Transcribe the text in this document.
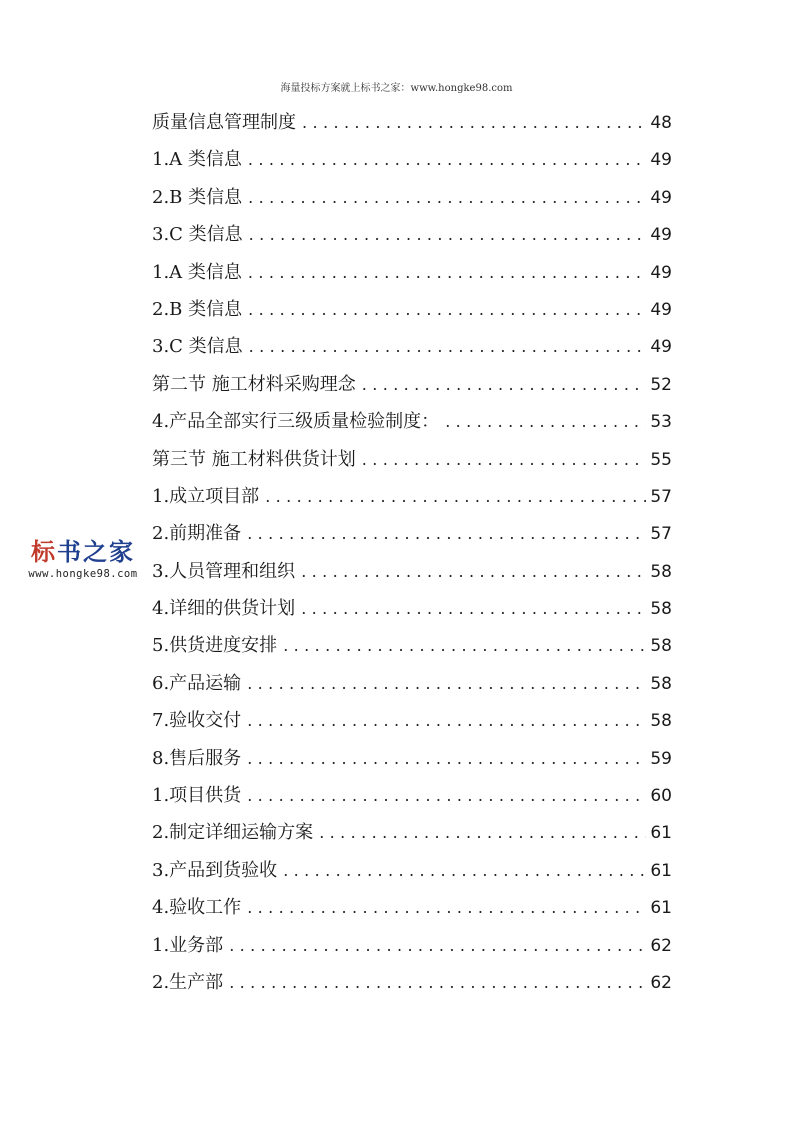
海量投标方案就上标书之家：www.hongke98.com
质量信息管理制度 .....	48
1.A 类信息 .....	49
2.B 类信息 .....	49
3.C 类信息 .....	49
1.A 类信息 .....	49
2.B 类信息 .....	49
3.C 类信息 .....	49
第二节 施工材料采购理念 .....	52
4.产品全部实行三级质量检验制度： .....	53
第三节 施工材料供货计划 .....	55
1.成立项目部 .....	57
2.前期准备 .....	57
3.人员管理和组织 .....	58
4.详细的供货计划 .....	58
5.供货进度安排 .....	58
6.产品运输 .....	58
7.验收交付 .....	58
8.售后服务 .....	59
1.项目供货 .....	60
2.制定详细运输方案 .....	61
3.产品到货验收 .....	61
4.验收工作 .....	61
1.业务部 .....	62
2.生产部 .....	62
标书之家
www.hongke98.com
